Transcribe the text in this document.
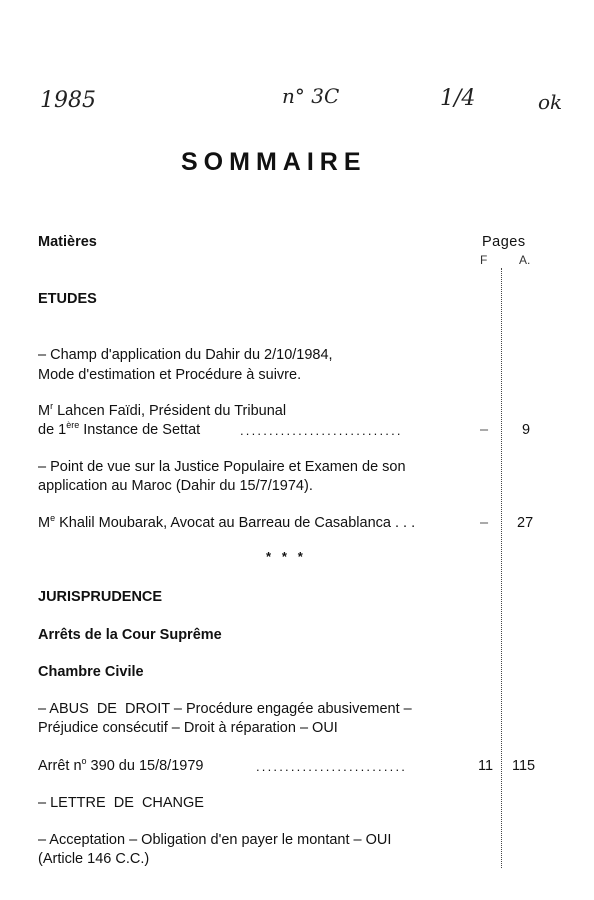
1985	n° 3C	1/4	ok
SOMMAIRE
Matières	Pages
F	A.
ETUDES
– Champ d'application du Dahir du 2/10/1984,
Mode d'estimation et Procédure à suivre.
$M^r$ Lahcen Faïdi, Président du Tribunal
de 1ère Instance de Settat	............................	– 9
– Point de vue sur la Justice Populaire et Examen de son
application au Maroc (Dahir du 15/7/1974).
Me Khalil Moubarak, Avocat au Barreau de Casablanca . . .	– 27
*   *   *
JURISPRUDENCE
Arrêts de la Cour Suprême
Chambre Civile
– ABUS  DE  DROIT – Procédure engagée abusivement –
Préjudice consécutif – Droit à réparation – OUI
Arrêt $n^o$ 390 du 15/8/1979	..........................	11 115
– LETTRE  DE  CHANGE
– Acceptation – Obligation d'en payer le montant – OUI
(Article 146 C.C.)
